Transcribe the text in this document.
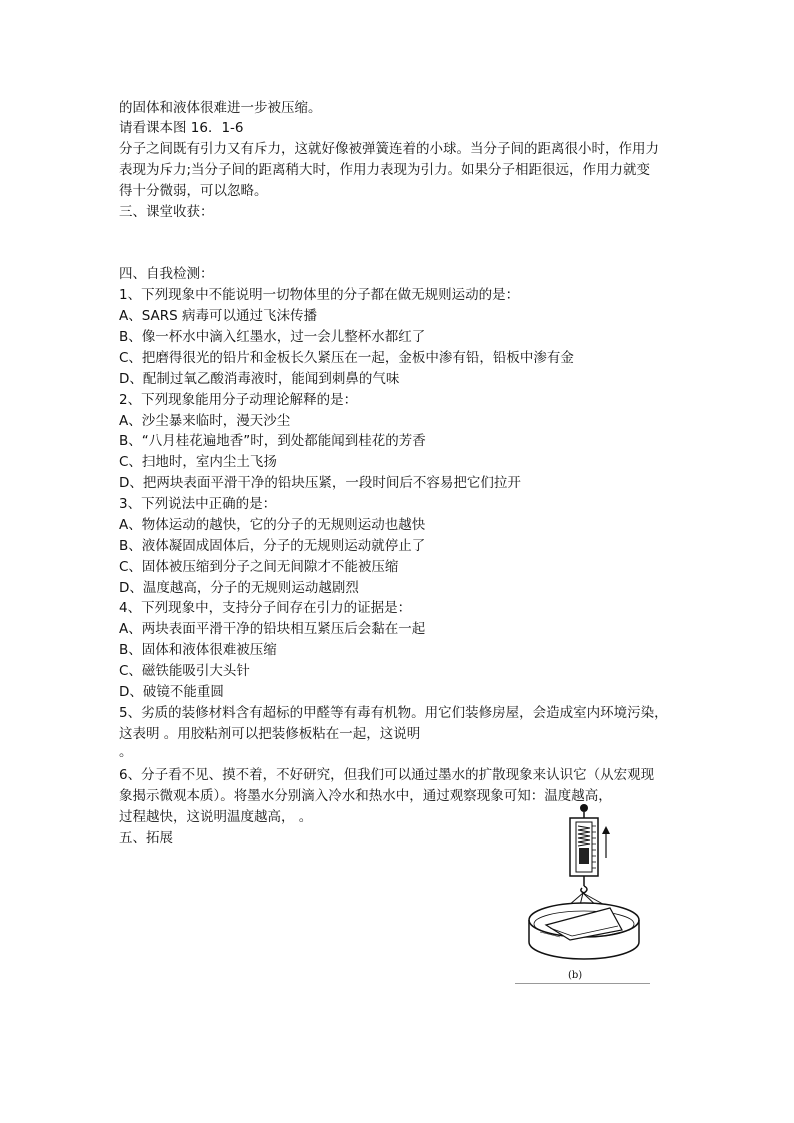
的固体和液体很难进一步被压缩。
请看课本图 16．1-6
分子之间既有引力又有斥力，这就好像被弹簧连着的小球。当分子间的距离很小时，作用力
表现为斥力;当分子间的距离稍大时，作用力表现为引力。如果分子相距很远，作用力就变
得十分微弱，可以忽略。
三、课堂收获：
四、自我检测：
1、下列现象中不能说明一切物体里的分子都在做无规则运动的是：
A、SARS 病毒可以通过飞沫传播
B、像一杯水中滴入红墨水，过一会儿整杯水都红了
C、把磨得很光的铅片和金板长久紧压在一起，金板中渗有铅，铅板中渗有金
D、配制过氧乙酸消毒液时，能闻到刺鼻的气味
2、下列现象能用分子动理论解释的是：
A、沙尘暴来临时，漫天沙尘
B、“八月桂花遍地香”时，到处都能闻到桂花的芳香
C、扫地时，室内尘土飞扬
D、把两块表面平滑干净的铅块压紧，一段时间后不容易把它们拉开
3、下列说法中正确的是：
A、物体运动的越快，它的分子的无规则运动也越快
B、液体凝固成固体后，分子的无规则运动就停止了
C、固体被压缩到分子之间无间隙才不能被压缩
D、温度越高，分子的无规则运动越剧烈
4、下列现象中，支持分子间存在引力的证据是：
A、两块表面平滑干净的铅块相互紧压后会黏在一起
B、固体和液体很难被压缩
C、磁铁能吸引大头针
D、破镜不能重圆
5、劣质的装修材料含有超标的甲醛等有毒有机物。用它们装修房屋，会造成室内环境污染，
这表明 。用胶粘剂可以把装修板粘在一起，这说明
。
6、分子看不见、摸不着，不好研究，但我们可以通过墨水的扩散现象来认识它（从宏观现
象揭示微观本质）。将墨水分别滴入冷水和热水中，通过观察现象可知：温度越高，
过程越快，这说明温度越高， 。
五、拓展
(b)
